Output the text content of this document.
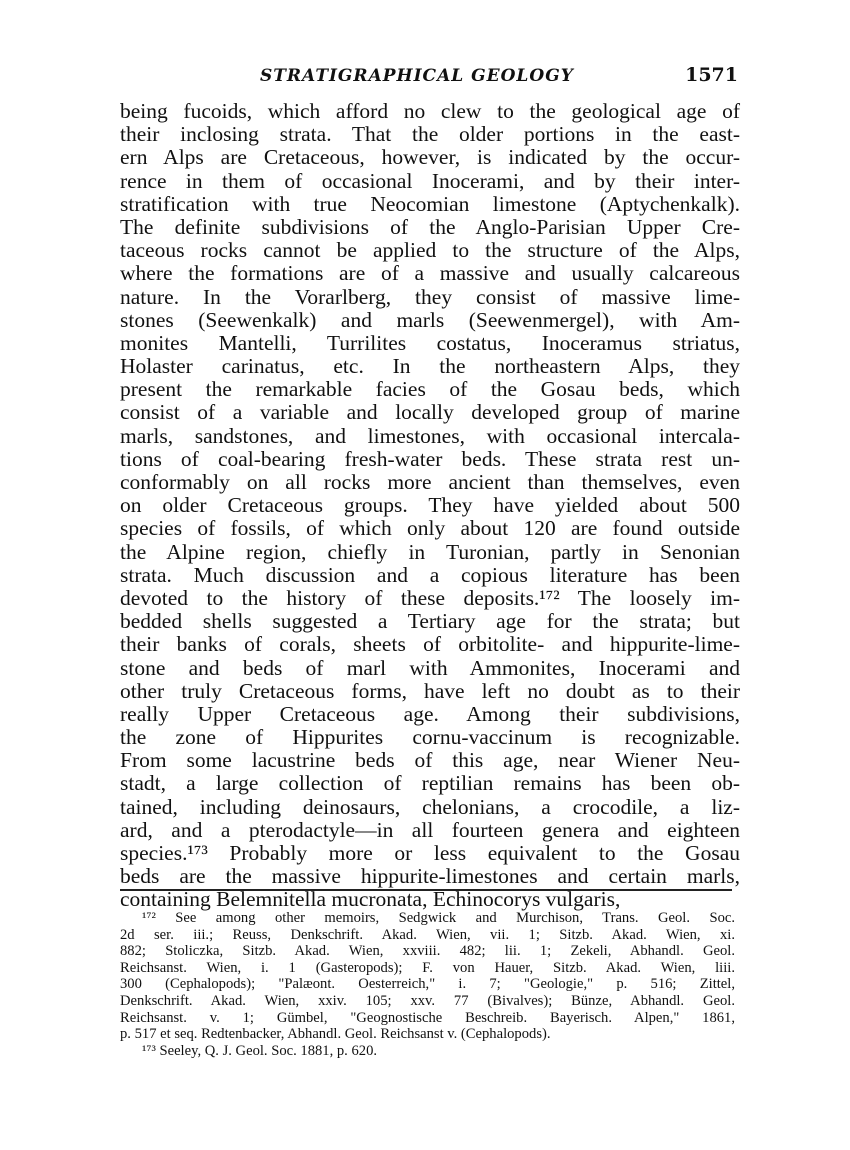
STRATIGRAPHICAL GEOLOGY	1571
being fucoids, which afford no clew to the geological age of
their inclosing strata. That the older portions in the east-
ern Alps are Cretaceous, however, is indicated by the occur-
rence in them of occasional Inocerami, and by their inter-
stratification with true Neocomian limestone (Aptychenkalk).
The definite subdivisions of the Anglo-Parisian Upper Cre-
taceous rocks cannot be applied to the structure of the Alps,
where the formations are of a massive and usually calcareous
nature. In the Vorarlberg, they consist of massive lime-
stones (Seewenkalk) and marls (Seewenmergel), with Am-
monites Mantelli, Turrilites costatus, Inoceramus striatus,
Holaster carinatus, etc. In the northeastern Alps, they
present the remarkable facies of the Gosau beds, which
consist of a variable and locally developed group of marine
marls, sandstones, and limestones, with occasional intercala-
tions of coal-bearing fresh-water beds. These strata rest un-
conformably on all rocks more ancient than themselves, even
on older Cretaceous groups. They have yielded about 500
species of fossils, of which only about 120 are found outside
the Alpine region, chiefly in Turonian, partly in Senonian
strata. Much discussion and a copious literature has been
devoted to the history of these deposits.¹⁷² The loosely im-
bedded shells suggested a Tertiary age for the strata; but
their banks of corals, sheets of orbitolite- and hippurite-lime-
stone and beds of marl with Ammonites, Inocerami and
other truly Cretaceous forms, have left no doubt as to their
really Upper Cretaceous age. Among their subdivisions,
the zone of Hippurites cornu-vaccinum is recognizable.
From some lacustrine beds of this age, near Wiener Neu-
stadt, a large collection of reptilian remains has been ob-
tained, including deinosaurs, chelonians, a crocodile, a liz-
ard, and a pterodactyle—in all fourteen genera and eighteen
species.¹⁷³ Probably more or less equivalent to the Gosau
beds are the massive hippurite-limestones and certain marls,
containing Belemnitella mucronata, Echinocorys vulgaris,
¹⁷² See among other memoirs, Sedgwick and Murchison, Trans. Geol. Soc.
2d ser. iii.; Reuss, Denkschrift. Akad. Wien, vii. 1; Sitzb. Akad. Wien, xi.
882; Stoliczka, Sitzb. Akad. Wien, xxviii. 482; lii. 1; Zekeli, Abhandl. Geol.
Reichsanst. Wien, i. 1 (Gasteropods); F. von Hauer, Sitzb. Akad. Wien, liii.
300 (Cephalopods); "Palæont. Oesterreich," i. 7; "Geologie," p. 516; Zittel,
Denkschrift. Akad. Wien, xxiv. 105; xxv. 77 (Bivalves); Bünze, Abhandl. Geol.
Reichsanst. v. 1; Gümbel, "Geognostische Beschreib. Bayerisch. Alpen," 1861,
p. 517 et seq. Redtenbacker, Abhandl. Geol. Reichsanst v. (Cephalopods).
¹⁷³ Seeley, Q. J. Geol. Soc. 1881, p. 620.
